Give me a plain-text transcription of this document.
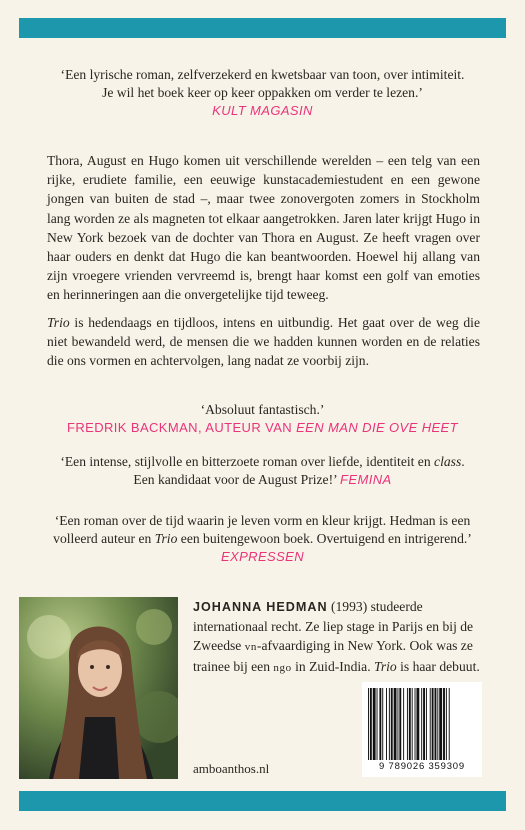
‘Een lyrische roman, zelfverzekerd en kwetsbaar van toon, over intimiteit.
Je wil het boek keer op keer oppakken om verder te lezen.’
KULT MAGASIN
Thora, August en Hugo komen uit verschillende werelden – een telg van een rijke, erudiete familie, een eeuwige kunstacademiestudent en een gewone jongen van buiten de stad –, maar twee zonovergoten zomers in Stockholm lang worden ze als magneten tot elkaar aangetrokken. Jaren later krijgt Hugo in New York bezoek van de dochter van Thora en August. Ze heeft vragen over haar ouders en denkt dat Hugo die kan beantwoorden. Hoewel hij allang van zijn vroegere vrienden vervreemd is, brengt haar komst een golf van emoties en herinneringen aan die onvergetelijke tijd teweeg.
Trio is hedendaags en tijdloos, intens en uitbundig. Het gaat over de weg die niet bewandeld werd, de mensen die we hadden kunnen worden en de relaties die ons vormen en achtervolgen, lang nadat ze voorbij zijn.
‘Absoluut fantastisch.’
FREDRIK BACKMAN, AUTEUR VAN EEN MAN DIE OVE HEET
‘Een intense, stijlvolle en bitterzoete roman over liefde, identiteit en class.
Een kandidaat voor de August Prize!’ FEMINA
‘Een roman over de tijd waarin je leven vorm en kleur krijgt. Hedman is een
volleerd auteur en Trio een buitengewoon boek. Overtuigend en intrigerend.’
EXPRESSEN
JOHANNA HEDMAN (1993) studeerde internationaal recht. Ze liep stage in Parijs en bij de Zweedse vn-afvaardiging in New York. Ook was ze trainee bij een ngo in Zuid-India. Trio is haar debuut.
amboanthos.nl	9 789026 359309
